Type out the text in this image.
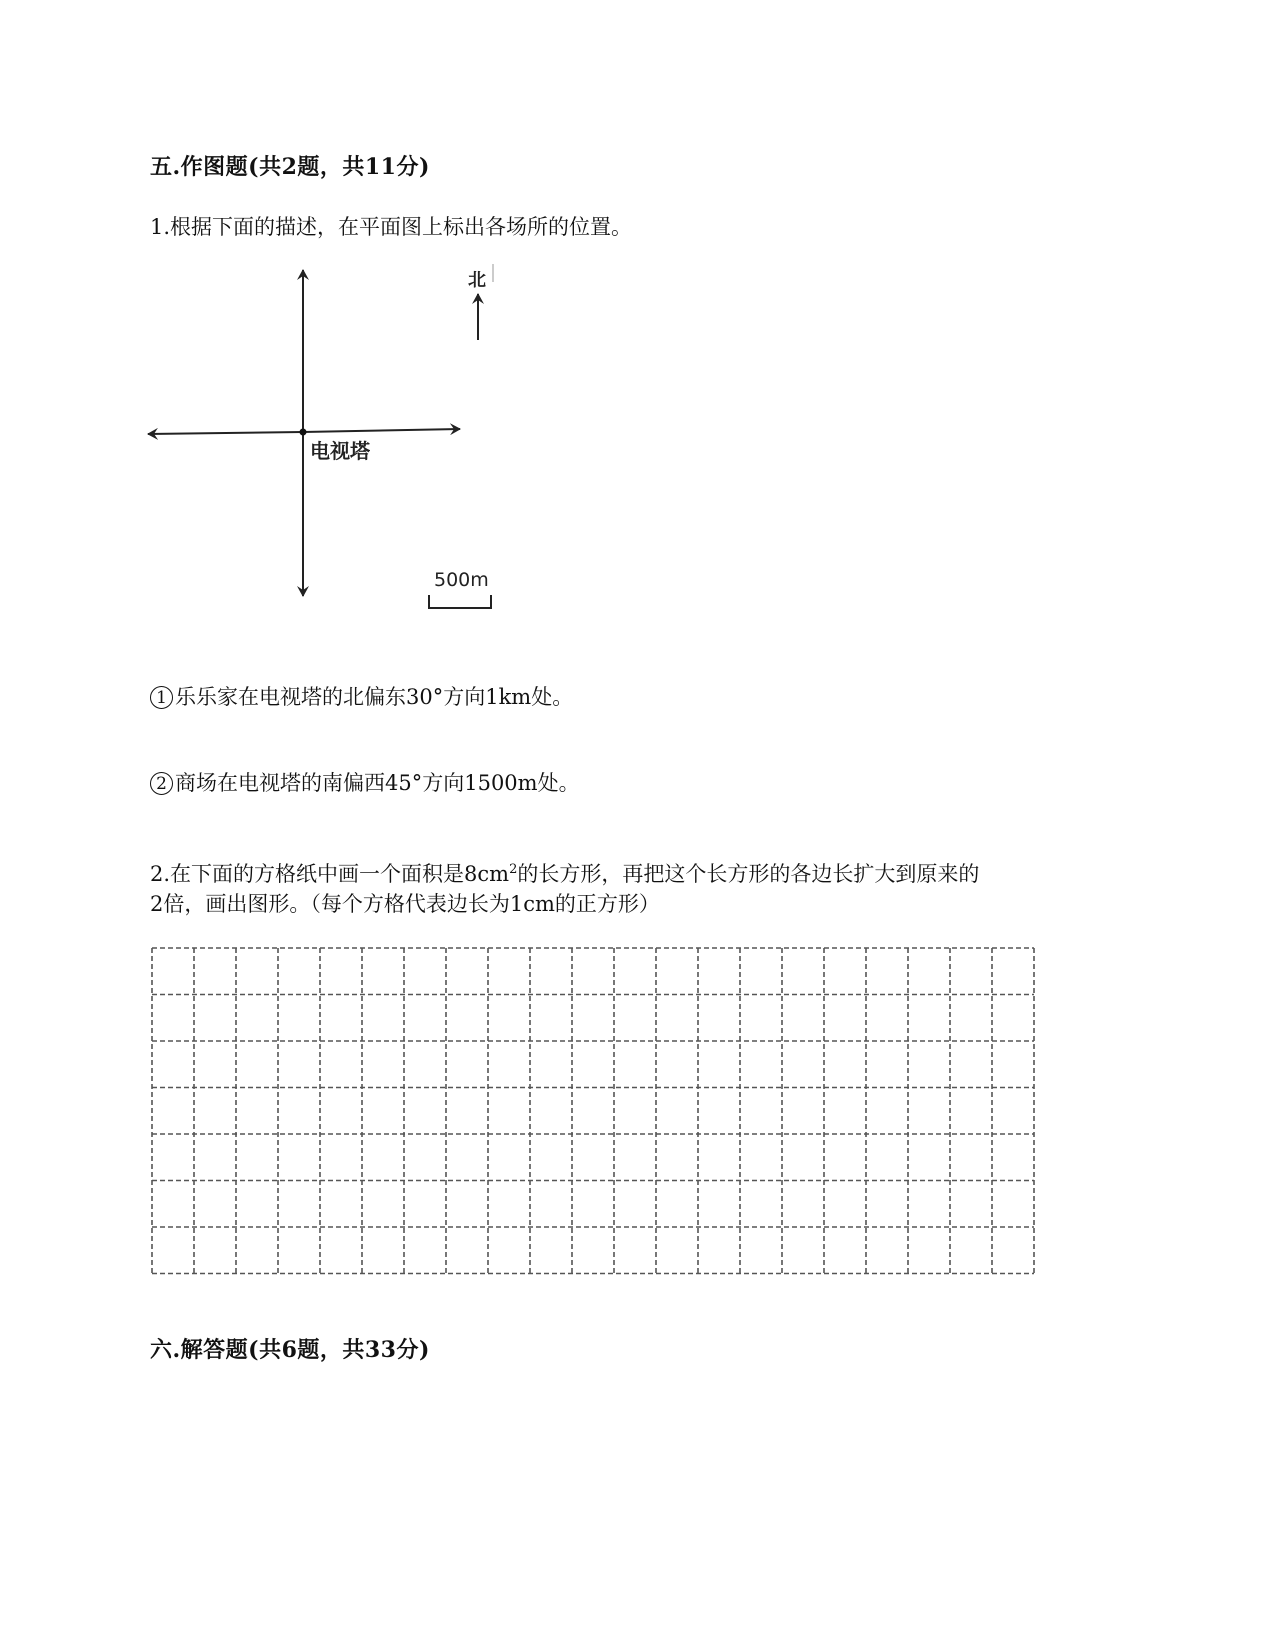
五.作图题(共2题，共11分)
1.根据下面的描述，在平面图上标出各场所的位置。
电视塔
北
500m
1 乐乐家在电视塔的北偏东30°方向1km处。
2 商场在电视塔的南偏西45°方向1500m处。
2.在下面的方格纸中画一个面积是$8cm^2$的长方形，再把这个长方形的各边长扩大到原来的
2倍，画出图形。（每个方格代表边长为1cm的正方形）
六.解答题(共6题，共33分)
